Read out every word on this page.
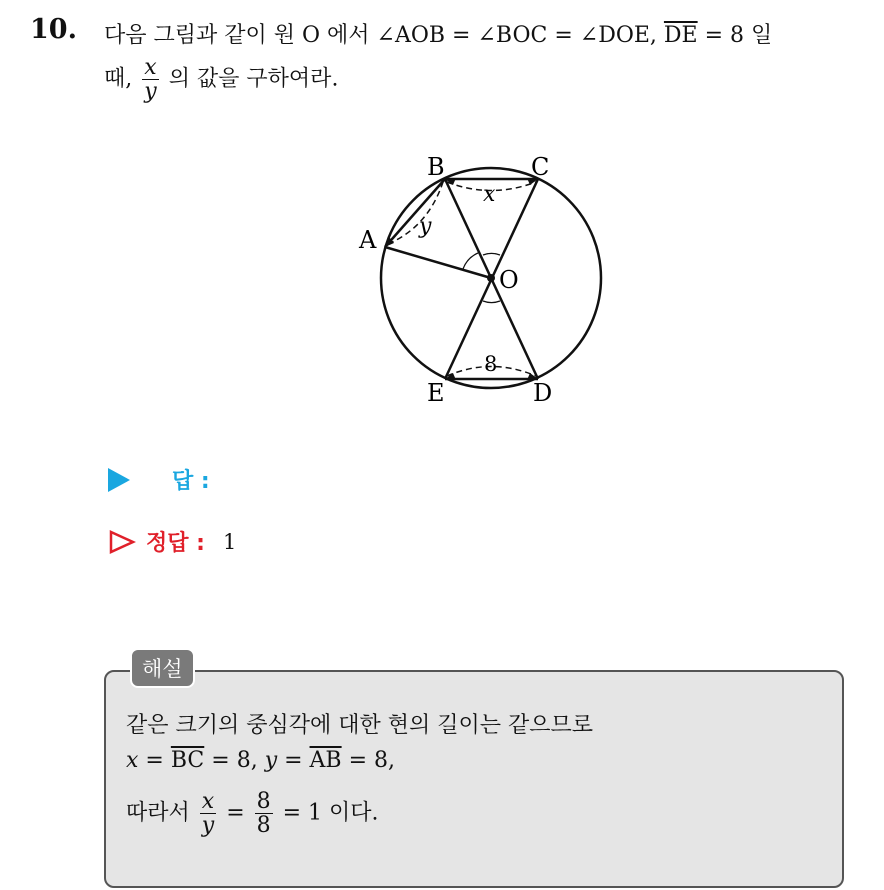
10. 다음 그림과 같이 원 O 에서 ∠AOB = ∠BOC = ∠DOE, $\overline{DE} = 8$ 일
때, $\frac{x}{y}$ 의 값을 구하여라.
B	C
A
O
E	D
x
y
8
답 :
정답 : 1
해설
같은 크기의 중심각에 대한 현의 길이는 같으므로
$x = \overline{BC} = 8$, $y = \overline{AB} = 8$,
따라서 $\frac{x}{y} = \frac{8}{8} = 1$ 이다.
